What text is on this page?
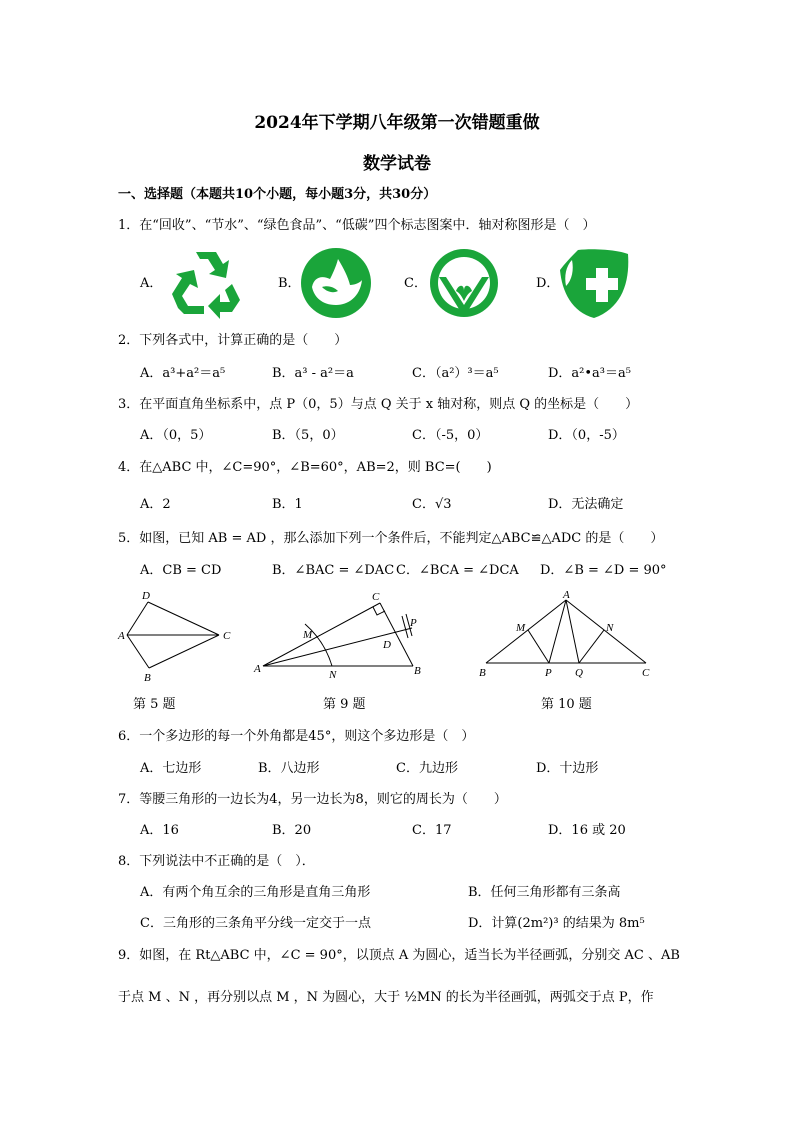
2024年下学期八年级第一次错题重做
数学试卷
一、选择题（本题共10个小题，每小题3分，共30分）
1．在“回收”、“节水”、“绿色食品”、“低碳”四个标志图案中．轴对称图形是（　）
A．	B．	C．	D．
2．下列各式中，计算正确的是（　　）
A．a³+a²＝a⁵	B．a³ - a²＝a	C．（a²）³＝a⁵	D．a²•a³＝a⁵
3．在平面直角坐标系中，点 P（0，5）与点 Q 关于 x 轴对称，则点 Q 的坐标是（　　）
A．（0，5）	B．（5，0）	C．（-5，0）	D．（0，-5）
4．在△ABC 中，∠C=90°，∠B=60°，AB=2，则 BC=(　　)
A．2	B．1	C．√3	D．无法确定
5．如图，已知 AB = AD ，那么添加下列一个条件后，不能判定△ABC≌△ADC 的是（　　）
A．CB = CD	B．∠BAC = ∠DAC C．∠BCA = ∠DCA D．∠B = ∠D = 90°
D
A	C
B
第 5 题
C
P
M
D
A	N	B
第 9 题
A
M	N
B	P Q	C
第 10 题
6．一个多边形的每一个外角都是45°，则这个多边形是（　）
A．七边形	B．八边形	C．九边形	D．十边形
7．等腰三角形的一边长为4，另一边长为8，则它的周长为（　　）
A．16	B．20	C．17	D．16 或 20
8．下列说法中不正确的是（　）．
A．有两个角互余的三角形是直角三角形	B．任何三角形都有三条高
C．三角形的三条角平分线一定交于一点	D．计算(2m²)³ 的结果为 8m⁵
9．如图，在 Rt△ABC 中，∠C = 90°，以顶点 A 为圆心，适当长为半径画弧，分别交 AC 、AB
于点 M 、N ，再分别以点 M ，N 为圆心，大于 ½MN 的长为半径画弧，两弧交于点 P，作
